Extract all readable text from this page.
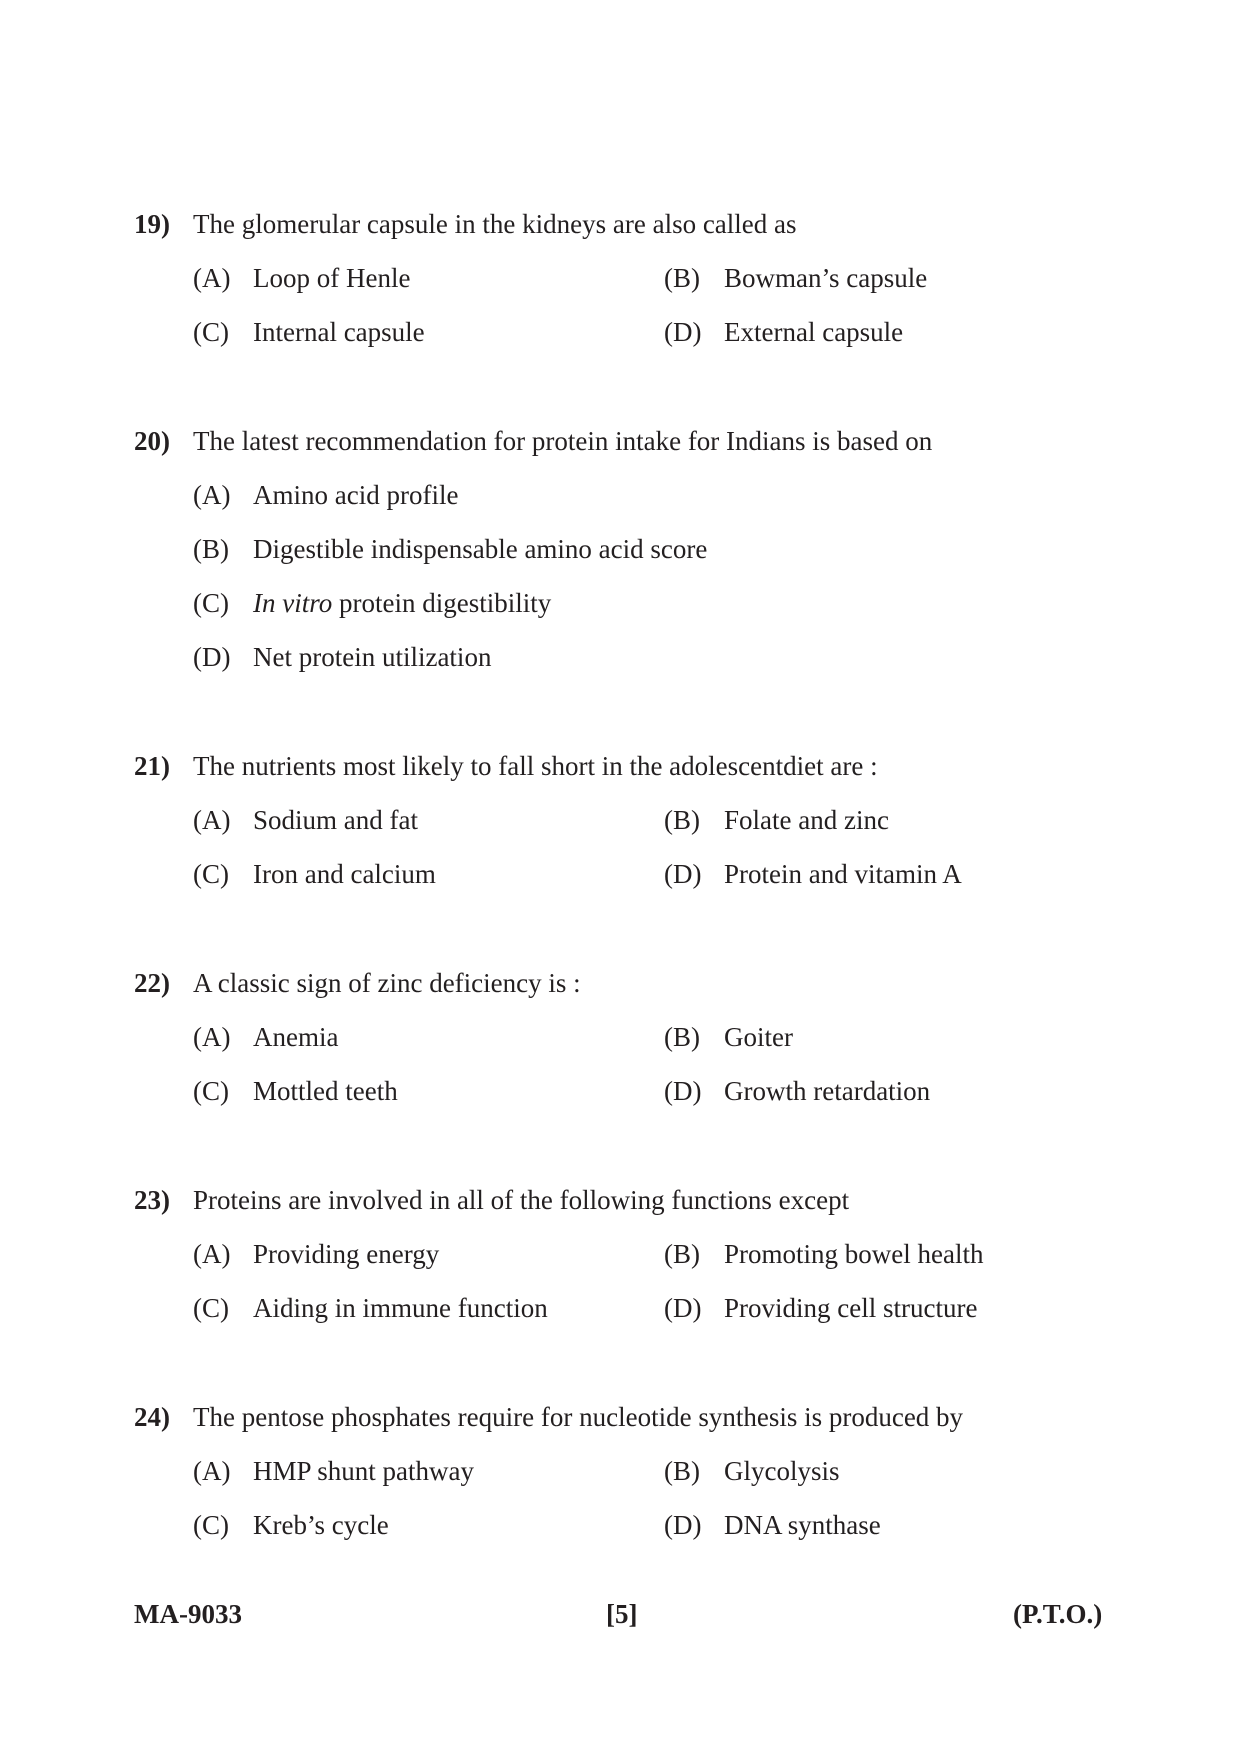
19) The glomerular capsule in the kidneys are also called as
(A) Loop of Henle	(B) Bowman’s capsule
(C) Internal capsule	(D) External capsule
20) The latest recommendation for protein intake for Indians is based on
(A) Amino acid profile
(B) Digestible indispensable amino acid score
(C) In vitro protein digestibility
(D) Net protein utilization
21) The nutrients most likely to fall short in the adolescentdiet are :
(A) Sodium and fat	(B) Folate and zinc
(C) Iron and calcium	(D) Protein and vitamin A
22) A classic sign of zinc deficiency is :
(A) Anemia	(B) Goiter
(C) Mottled teeth	(D) Growth retardation
23) Proteins are involved in all of the following functions except
(A) Providing energy	(B) Promoting bowel health
(C) Aiding in immune function	(D) Providing cell structure
24) The pentose phosphates require for nucleotide synthesis is produced by
(A) HMP shunt pathway	(B) Glycolysis
(C) Kreb’s cycle	(D) DNA synthase
MA-9033	[5]	(P.T.O.)
